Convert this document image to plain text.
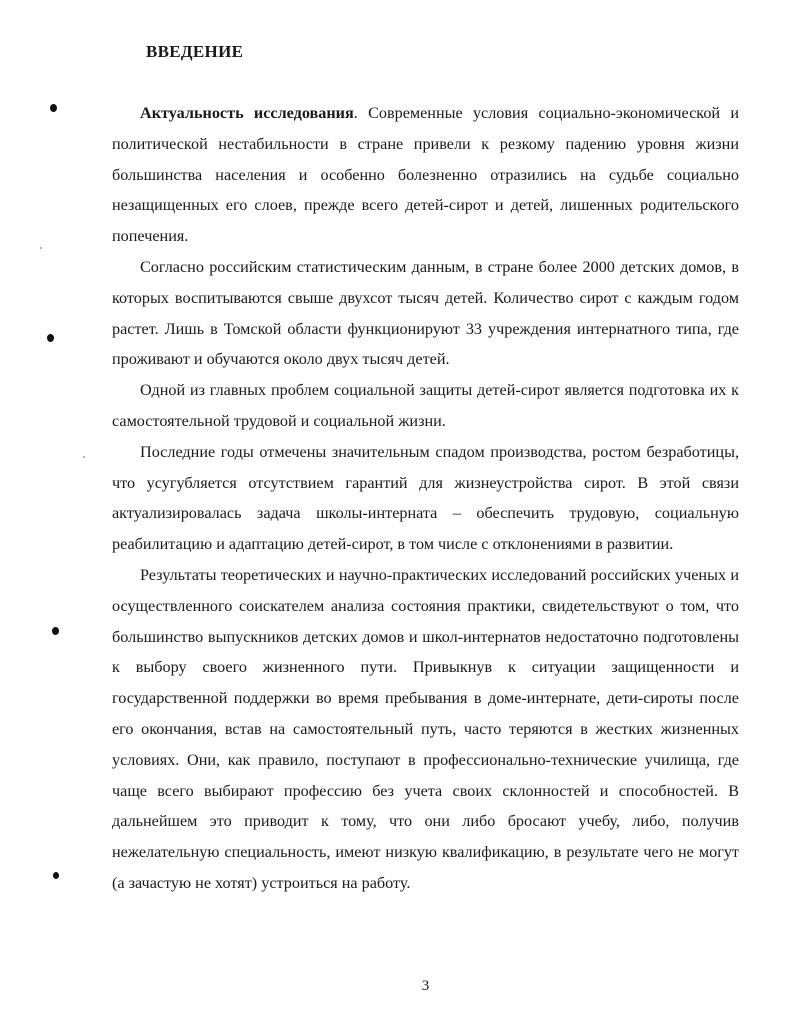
ВВЕДЕНИЕ

Актуальность исследования. Современные условия социально-экономической и политической нестабильности в стране привели к резкому падению уровня жизни большинства населения и особенно болезненно отразились на судьбе социально незащищенных его слоев, прежде всего детей-сирот и детей, лишенных родительского попечения.

Согласно российским статистическим данным, в стране более 2000 детских домов, в которых воспитываются свыше двухсот тысяч детей. Количество сирот с каждым годом растет. Лишь в Томской области функционируют 33 учреждения интернатного типа, где проживают и обучаются около двух тысяч детей.

Одной из главных проблем социальной защиты детей-сирот является подготовка их к самостоятельной трудовой и социальной жизни.

Последние годы отмечены значительным спадом производства, ростом безработицы, что усугубляется отсутствием гарантий для жизнеустройства сирот. В этой связи актуализировалась задача школы-интерната – обеспечить трудовую, социальную реабилитацию и адаптацию детей-сирот, в том числе с отклонениями в развитии.

Результаты теоретических и научно-практических исследований российских ученых и осуществленного соискателем анализа состояния практики, свидетельствуют о том, что большинство выпускников детских домов и школ-интернатов недостаточно подготовлены к выбору своего жизненного пути. Привыкнув к ситуации защищенности и государственной поддержки во время пребывания в доме-интернате, дети-сироты после его окончания, встав на самостоятельный путь, часто теряются в жестких жизненных условиях. Они, как правило, поступают в профессионально-технические училища, где чаще всего выбирают профессию без учета своих склонностей и способностей. В дальнейшем это приводит к тому, что они либо бросают учебу, либо, получив нежелательную специальность, имеют низкую квалификацию, в результате чего не могут (а зачастую не хотят) устроиться на работу.

3
